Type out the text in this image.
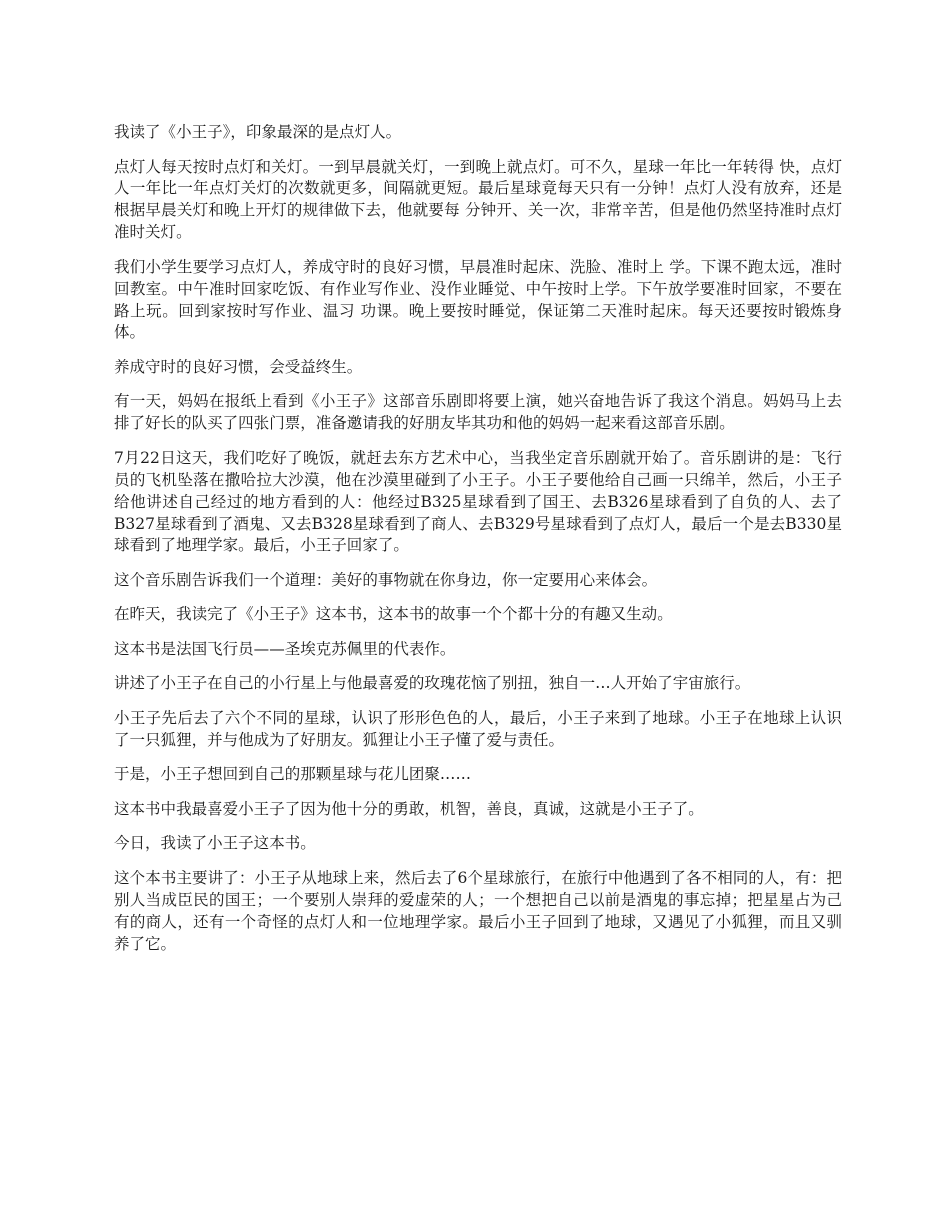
我读了《小王子》，印象最深的是点灯人。

点灯人每天按时点灯和关灯。一到早晨就关灯，一到晚上就点灯。可不久，星球一年比一年转得 快，点灯人一年比一年点灯关灯的次数就更多，间隔就更短。最后星球竟每天只有一分钟！点灯人没有放弃，还是根据早晨关灯和晚上开灯的规律做下去，他就要每 分钟开、关一次，非常辛苦，但是他仍然坚持准时点灯准时关灯。

我们小学生要学习点灯人，养成守时的良好习惯，早晨准时起床、洗脸、准时上 学。下课不跑太远，准时回教室。中午准时回家吃饭、有作业写作业、没作业睡觉、中午按时上学。下午放学要准时回家，不要在路上玩。回到家按时写作业、温习 功课。晚上要按时睡觉，保证第二天准时起床。每天还要按时锻炼身体。

养成守时的良好习惯，会受益终生。

有一天，妈妈在报纸上看到《小王子》这部音乐剧即将要上演，她兴奋地告诉了我这个消息。妈妈马上去排了好长的队买了四张门票，准备邀请我的好朋友毕其功和他的妈妈一起来看这部音乐剧。

7月22日这天，我们吃好了晚饭，就赶去东方艺术中心，当我坐定音乐剧就开始了。音乐剧讲的是：飞行员的飞机坠落在撒哈拉大沙漠，他在沙漠里碰到了小王子。小王子要他给自己画一只绵羊，然后，小王子给他讲述自己经过的地方看到的人：他经过B325星球看到了国王、去B326星球看到了自负的人、去了B327星球看到了酒鬼、又去B328星球看到了商人、去B329号星球看到了点灯人，最后一个是去B330星球看到了地理学家。最后，小王子回家了。

这个音乐剧告诉我们一个道理：美好的事物就在你身边，你一定要用心来体会。

在昨天，我读完了《小王子》这本书，这本书的故事一个个都十分的有趣又生动。

这本书是法国飞行员——圣埃克苏佩里的代表作。

讲述了小王子在自己的小行星上与他最喜爱的玫瑰花恼了别扭，独自一…人开始了宇宙旅行。

小王子先后去了六个不同的星球，认识了形形色色的人，最后，小王子来到了地球。小王子在地球上认识了一只狐狸，并与他成为了好朋友。狐狸让小王子懂了爱与责任。

于是，小王子想回到自己的那颗星球与花儿团聚……

这本书中我最喜爱小王子了因为他十分的勇敢，机智，善良，真诚，这就是小王子了。

今日，我读了小王子这本书。

这个本书主要讲了：小王子从地球上来，然后去了6个星球旅行，在旅行中他遇到了各不相同的人，有：把别人当成臣民的国王；一个要别人崇拜的爱虚荣的人；一个想把自己以前是酒鬼的事忘掉；把星星占为己有的商人，还有一个奇怪的点灯人和一位地理学家。最后小王子回到了地球，又遇见了小狐狸，而且又驯养了它。
